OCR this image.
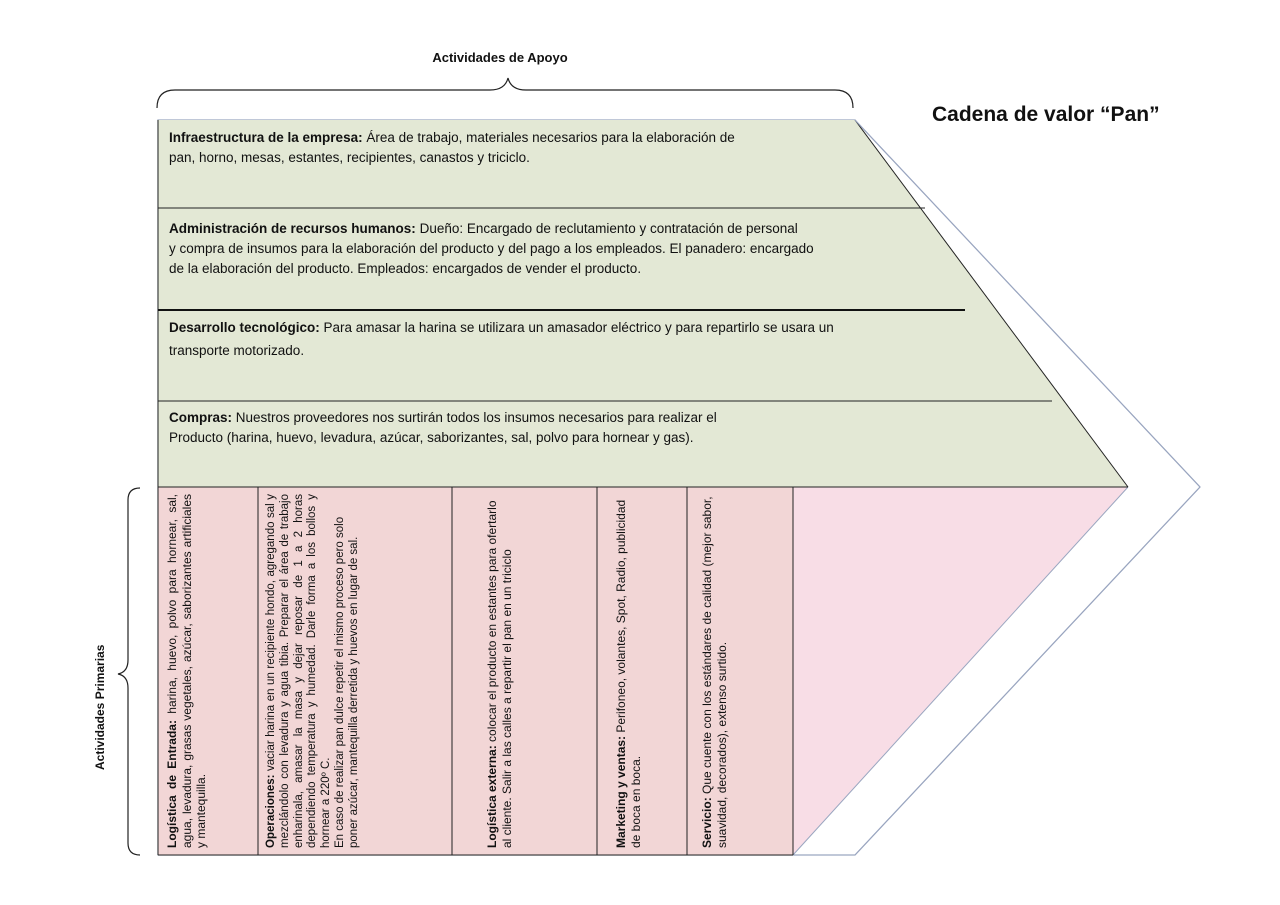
Actividades de Apoyo
Cadena de valor “Pan”
Actividades Primarias
Infraestructura de la empresa: Área de trabajo, materiales necesarios para la elaboración de
pan, horno, mesas, estantes, recipientes, canastos y triciclo.
Administración de recursos humanos: Dueño: Encargado de reclutamiento y contratación de personal
y compra de insumos para la elaboración del producto y del pago a los empleados. El panadero: encargado
de la elaboración del producto. Empleados: encargados de vender el producto.
Desarrollo tecnológico: Para amasar la harina se utilizara un amasador eléctrico y para repartirlo se usara un
transporte motorizado.
Compras: Nuestros proveedores nos surtirán todos los insumos necesarios para realizar el
Producto (harina, huevo, levadura, azúcar, saborizantes, sal, polvo para hornear y gas).
Logística de Entrada: harina, huevo, polvo para hornear, sal, agua, levadura, grasas vegetales, azúcar, saborizantes artificiales y mantequilla.	Operaciones: vaciar harina en un recipiente hondo, agregando sal y mezclándolo con levadura y agua tibia. Preparar el área de trabajo enharinala, amasar la masa y dejar reposar de 1 a 2 horas dependiendo temperatura y humedad. Darle forma a los bollos y hornear a 220º C. En caso de realizar pan dulce repetir el mismo proceso pero solo poner azúcar, mantequilla derretida y huevos en lugar de sal.	Logística externa: colocar el producto en estantes para ofertarlo al cliente. Salir a las calles a repartir el pan en un triciclo	Marketing y ventas: Perifoneo, volantes, Spot, Radio, publicidad de boca en boca.	Servicio: Que cuente con los estándares de calidad (mejor sabor, suavidad, decorados), extenso surtido.
